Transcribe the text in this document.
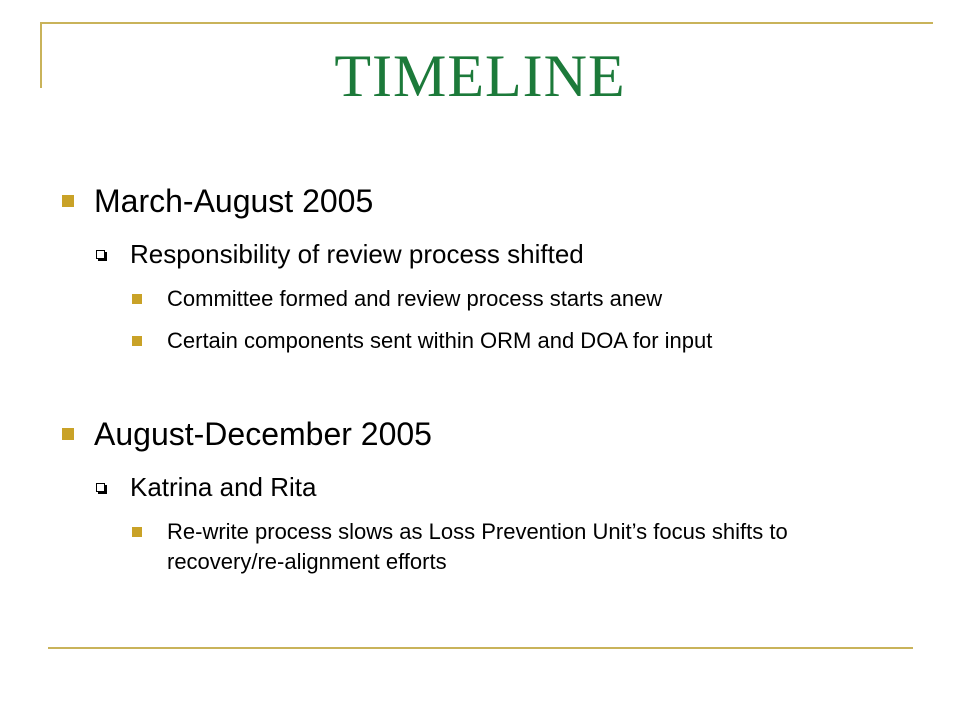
TIMELINE
March-August 2005
Responsibility of review process shifted
Committee formed and review process starts anew
Certain components sent within ORM and DOA for input
August-December 2005
Katrina and Rita
Re-write process slows as Loss Prevention Unit’s focus shifts to recovery/re-alignment efforts
